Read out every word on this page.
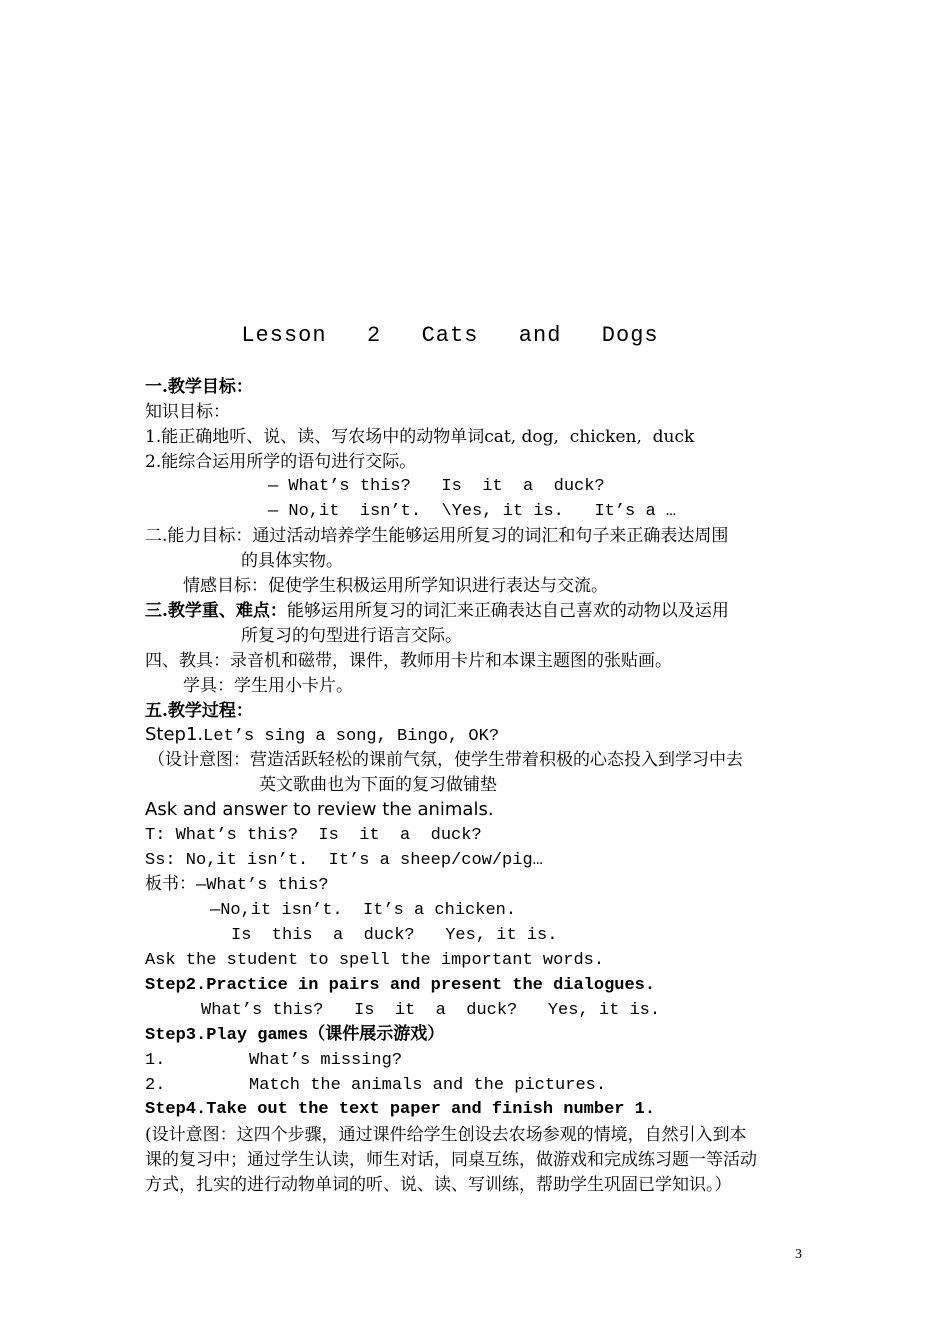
Lesson  2  Cats  and  Dogs
一.教学目标：
知识目标：
1.能正确地听、说、读、写农场中的动物单词cat, dog,  chicken,  duck
2.能综合运用所学的语句进行交际。
— What’s this?   Is  it  a  duck?
— No,it  isn’t.  \Yes, it is.   It’s a …
二.能力目标：通过活动培养学生能够运用所复习的词汇和句子来正确表达周围
的具体实物。
情感目标：促使学生积极运用所学知识进行表达与交流。
三.教学重、难点：能够运用所复习的词汇来正确表达自己喜欢的动物以及运用
所复习的句型进行语言交际。
四、教具：录音机和磁带，课件，教师用卡片和本课主题图的张贴画。
学具：学生用小卡片。
五.教学过程：
Step1.Let’s sing a song, Bingo, OK?
（设计意图：营造活跃轻松的课前气氛，使学生带着积极的心态投入到学习中去
英文歌曲也为下面的复习做铺垫
Ask and answer to review the animals.
T: What’s this?  Is  it  a  duck?
Ss: No,it isn’t.  It’s a sheep/cow/pig…
板书：—What’s this?
—No,it isn’t.  It’s a chicken.
Is  this  a  duck?   Yes, it is.
Ask the student to spell the important words.
Step2.Practice in pairs and present the dialogues.
What’s this?   Is  it  a  duck?   Yes, it is.
Step3.Play games（课件展示游戏）
1.	What’s missing?
2.	Match the animals and the pictures.
Step4.Take out the text paper and finish number 1.
(设计意图：这四个步骤，通过课件给学生创设去农场参观的情境，自然引入到本
课的复习中；通过学生认读，师生对话，同桌互练，做游戏和完成练习题一等活动
方式，扎实的进行动物单词的听、说、读、写训练，帮助学生巩固已学知识。）
3
